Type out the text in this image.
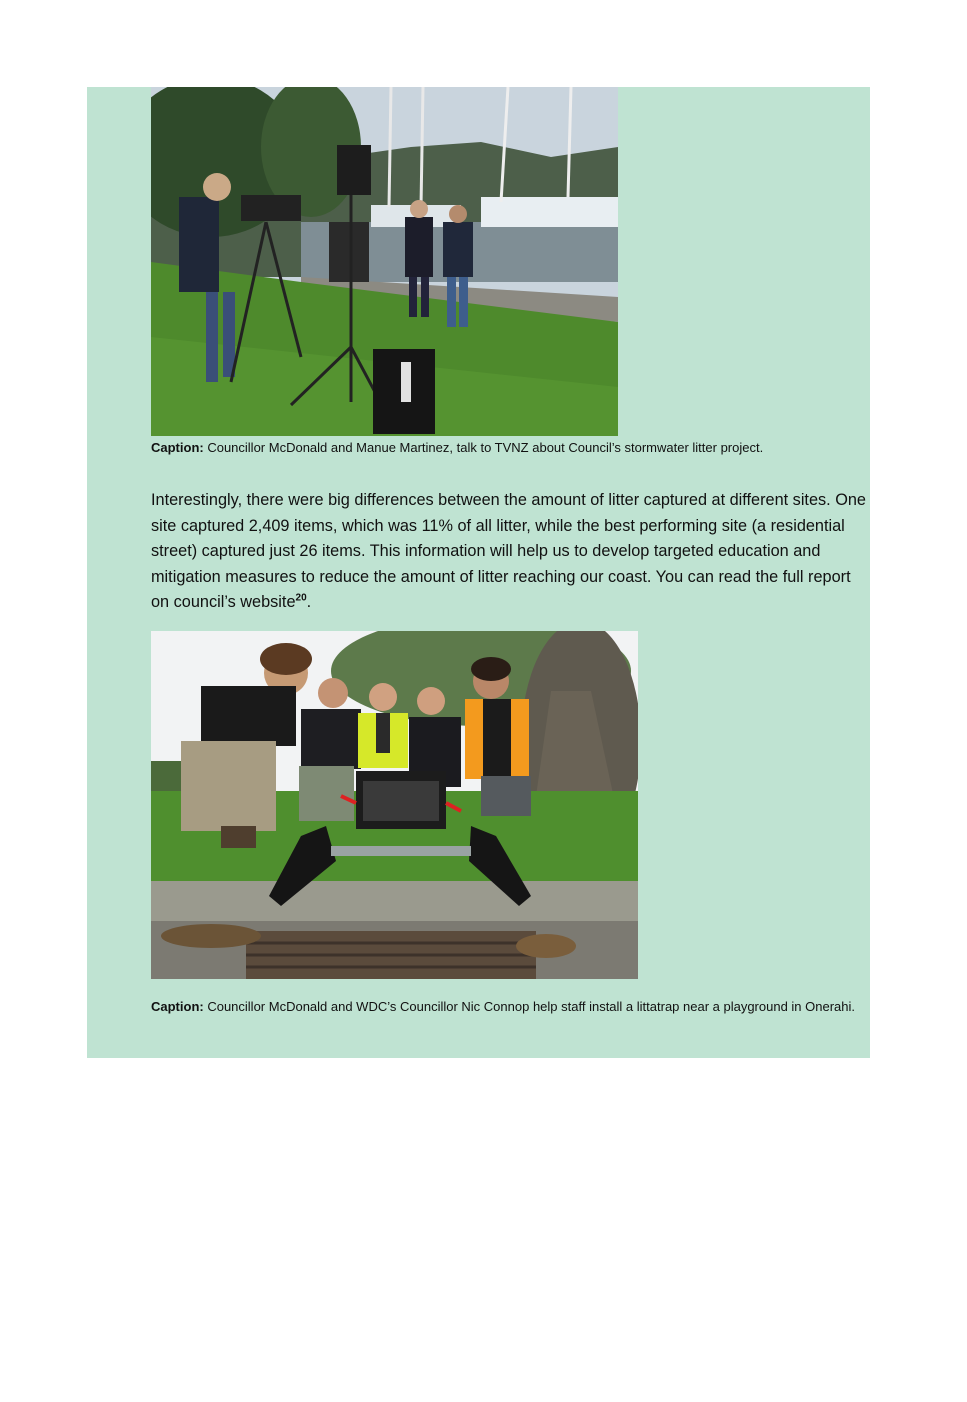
Caption: Councillor McDonald and Manue Martinez, talk to TVNZ about Council’s stormwater litter project.
Interestingly, there were big differences between the amount of litter captured at different sites. One site captured 2,409 items, which was 11% of all litter, while the best performing site (a residential street) captured just 26 items. This information will help us to develop targeted education and mitigation measures to reduce the amount of litter reaching our coast. You can read the full report on council’s website$^{20}$.
Caption: Councillor McDonald and WDC’s Councillor Nic Connop help staff install a littatrap near a playground in Onerahi.
